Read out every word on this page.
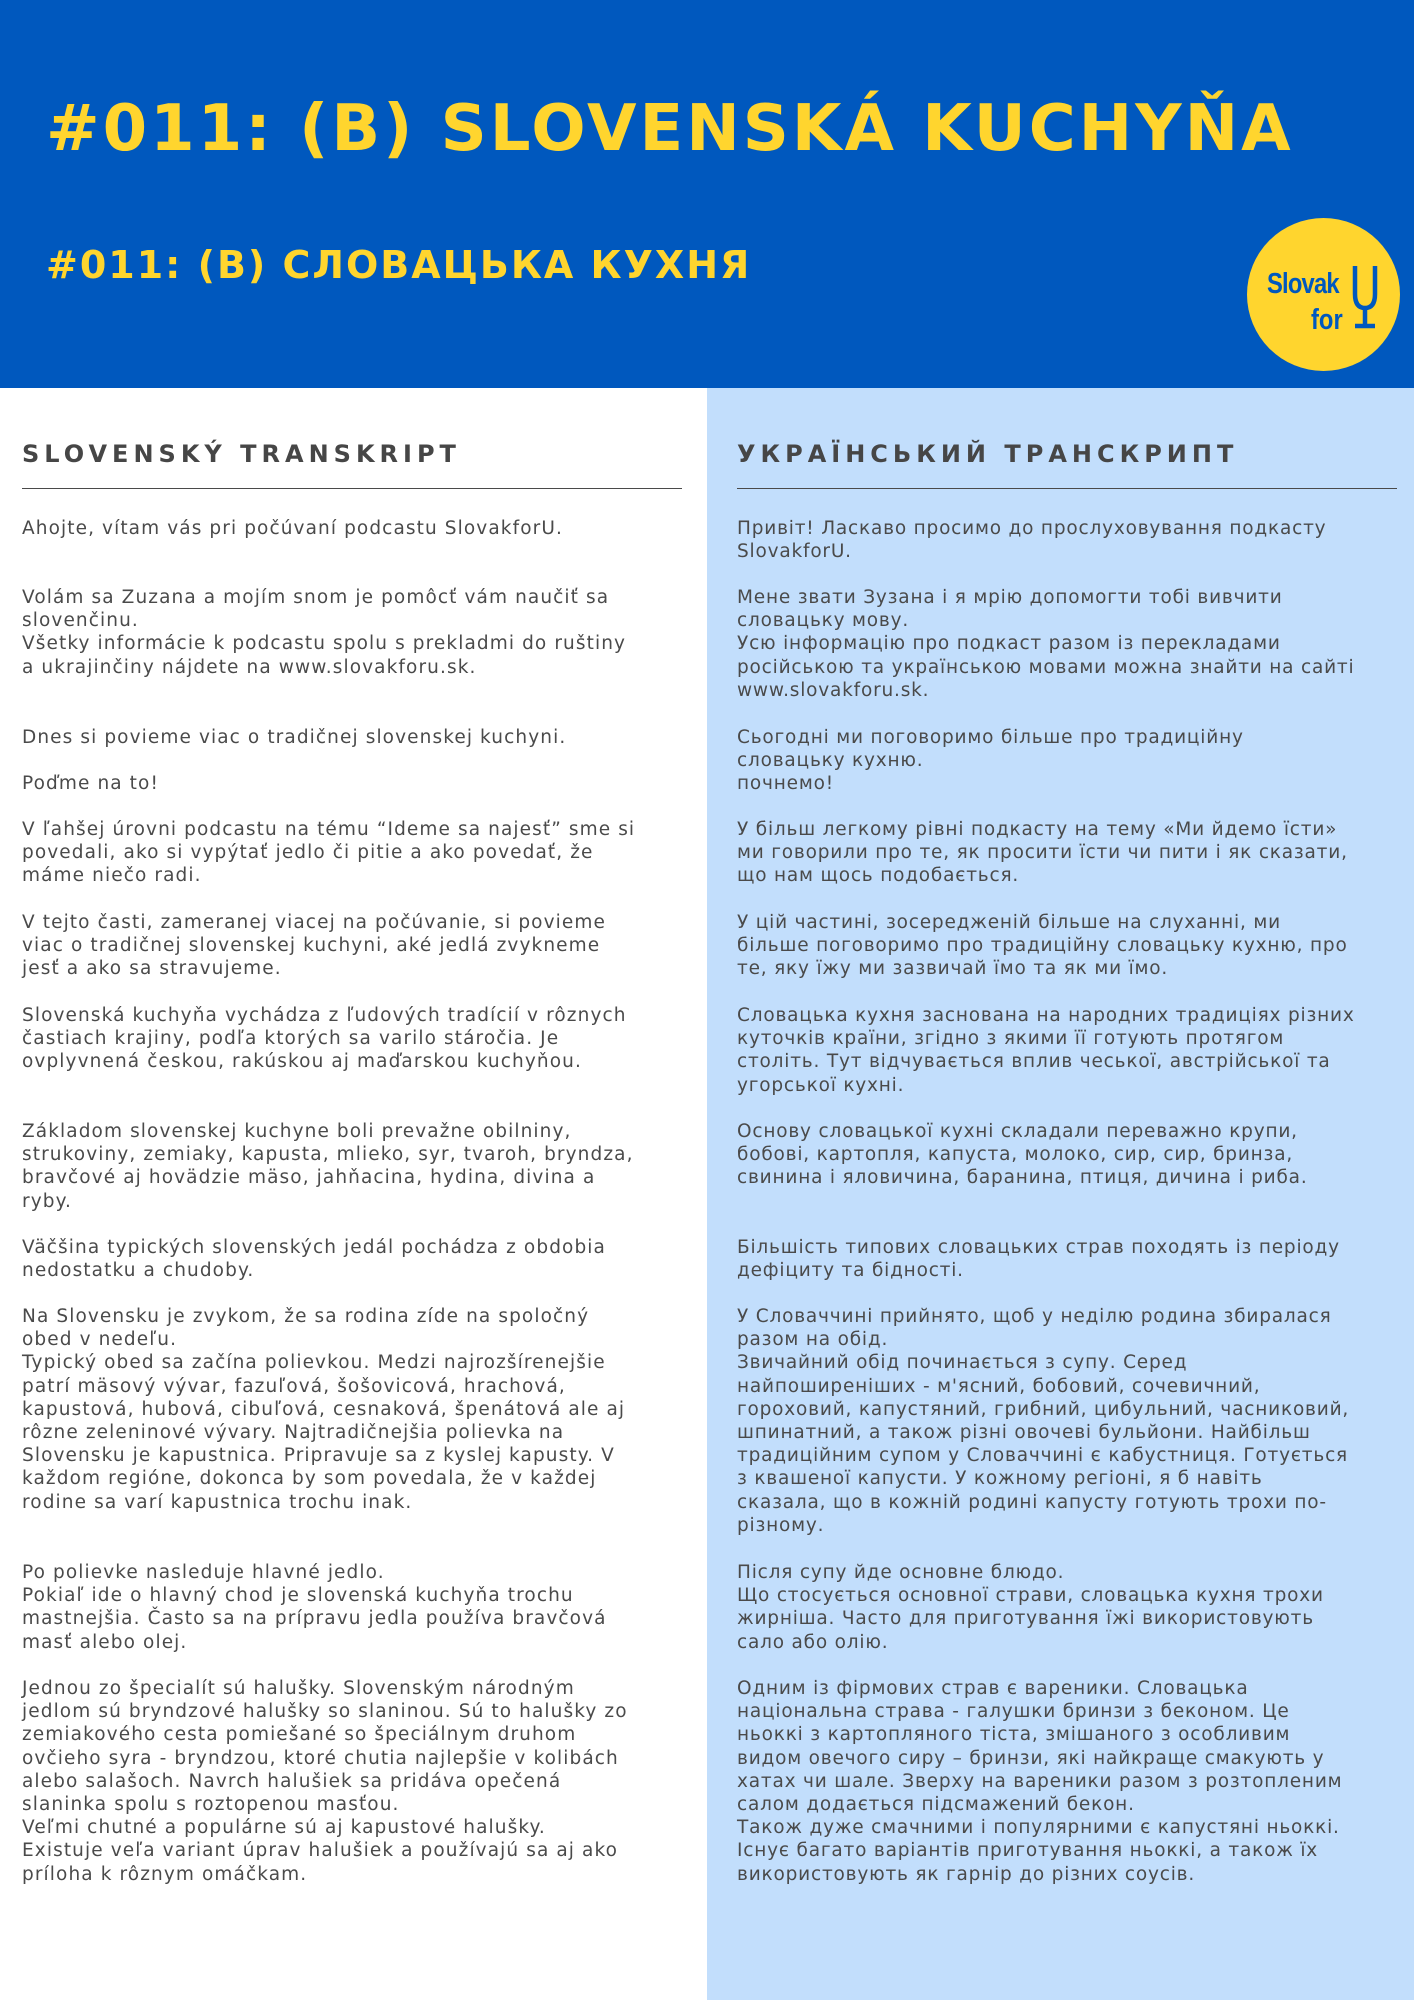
#011: (B) SLOVENSKÁ KUCHYŇA
#011: (B) СЛОВАЦЬКА КУХНЯ	Slovak
for
SLOVENSKÝ TRANSKRIPT

Ahojte, vítam vás pri počúvaní podcastu SlovakforU.

Volám sa Zuzana a mojím snom je pomôcť vám naučiť sa
slovenčinu.
Všetky informácie k podcastu spolu s prekladmi do ruštiny
a ukrajinčiny nájdete na www.slovakforu.sk.

Dnes si povieme viac o tradičnej slovenskej kuchyni.

Poďme na to!

V ľahšej úrovni podcastu na tému “Ideme sa najesť” sme si
povedali, ako si vypýtať jedlo či pitie a ako povedať, že
máme niečo radi.

V tejto časti, zameranej viacej na počúvanie, si povieme
viac o tradičnej slovenskej kuchyni, aké jedlá zvykneme
jesť a ako sa stravujeme.

Slovenská kuchyňa vychádza z ľudových tradícií v rôznych
častiach krajiny, podľa ktorých sa varilo stáročia. Je
ovplyvnená českou, rakúskou aj maďarskou kuchyňou.

Základom slovenskej kuchyne boli prevažne obilniny,
strukoviny, zemiaky, kapusta, mlieko, syr, tvaroh, bryndza,
bravčové aj hovädzie mäso, jahňacina, hydina, divina a
ryby.

Väčšina typických slovenských jedál pochádza z obdobia
nedostatku a chudoby.

Na Slovensku je zvykom, že sa rodina zíde na spoločný
obed v nedeľu.
Typický obed sa začína polievkou. Medzi najrozšírenejšie
patrí mäsový vývar, fazuľová, šošovicová, hrachová,
kapustová, hubová, cibuľová, cesnaková, špenátová ale aj
rôzne zeleninové vývary. Najtradičnejšia polievka na
Slovensku je kapustnica. Pripravuje sa z kyslej kapusty. V
každom regióne, dokonca by som povedala, že v každej
rodine sa varí kapustnica trochu inak.

Po polievke nasleduje hlavné jedlo.
Pokiaľ ide o hlavný chod je slovenská kuchyňa trochu
mastnejšia. Často sa na prípravu jedla používa bravčová
masť alebo olej.

Jednou zo špecialít sú halušky. Slovenským národným
jedlom sú bryndzové halušky so slaninou. Sú to halušky zo
zemiakového cesta pomiešané so špeciálnym druhom
ovčieho syra - bryndzou, ktoré chutia najlepšie v kolibách
alebo salašoch. Navrch halušiek sa pridáva opečená
slaninka spolu s roztopenou masťou.
Veľmi chutné a populárne sú aj kapustové halušky.
Existuje veľa variant úprav halušiek a používajú sa aj ako
príloha k rôznym omáčkam.

УКРАЇНСЬКИЙ ТРАНСКРИПТ

Привіт! Ласкаво просимо до прослуховування подкасту
SlovakforU.

Мене звати Зузана і я мрію допомогти тобі вивчити
словацьку мову.
Усю інформацію про подкаст разом із перекладами
російською та українською мовами можна знайти на сайті
www.slovakforu.sk.

Сьогодні ми поговоримо більше про традиційну
словацьку кухню.
почнемо!

У більш легкому рівні подкасту на тему «Ми йдемо їсти»
ми говорили про те, як просити їсти чи пити і як сказати,
що нам щось подобається.

У цій частині, зосередженій більше на слуханні, ми
більше поговоримо про традиційну словацьку кухню, про
те, яку їжу ми зазвичай їмо та як ми їмо.

Словацька кухня заснована на народних традиціях різних
куточків країни, згідно з якими її готують протягом
століть. Тут відчувається вплив чеської, австрійської та
угорської кухні.

Основу словацької кухні складали переважно крупи,
бобові, картопля, капуста, молоко, сир, сир, бринза,
свинина і яловичина, баранина, птиця, дичина і риба.

Більшість типових словацьких страв походять із періоду
дефіциту та бідності.

У Словаччині прийнято, щоб у неділю родина збиралася
разом на обід.
Звичайний обід починається з супу. Серед
найпоширеніших - м'ясний, бобовий, сочевичний,
гороховий, капустяний, грибний, цибульний, часниковий,
шпинатний, а також різні овочеві бульйони. Найбільш
традиційним супом у Словаччині є кабустниця. Готується
з квашеної капусти. У кожному регіоні, я б навіть
сказала, що в кожній родині капусту готують трохи по-
різному.

Після супу йде основне блюдо.
Що стосується основної страви, словацька кухня трохи
жирніша. Часто для приготування їжі використовують
сало або олію.

Одним із фірмових страв є вареники. Словацька
національна страва - галушки бринзи з беконом. Це
ньоккі з картопляного тіста, змішаного з особливим
видом овечого сиру – бринзи, які найкраще смакують у
хатах чи шале. Зверху на вареники разом з розтопленим
салом додається підсмажений бекон.
Також дуже смачними і популярними є капустяні ньоккі.
Існує багато варіантів приготування ньоккі, а також їх
використовують як гарнір до різних соусів.
